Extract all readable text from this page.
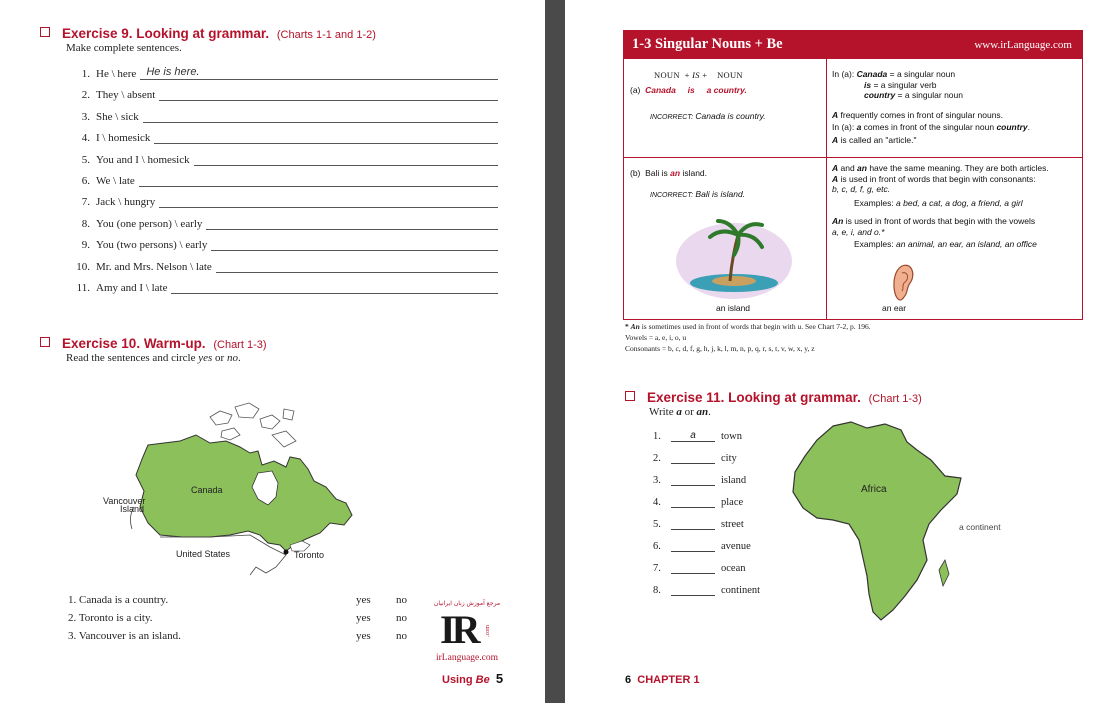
Exercise 9. Looking at grammar. (Charts 1-1 and 1-2)
Make complete sentences.
1. He \ here He is here.
2. They \ absent
3. She \ sick
4. I \ homesick
5. You and I \ homesick
6. We \ late
7. Jack \ hungry
8. You (one person) \ early
9. You (two persons) \ early
10. Mr. and Mrs. Nelson \ late
11. Amy and I \ late
Exercise 10. Warm-up. (Chart 1-3)
Read the sentences and circle yes or no.
Canada
Vancouver
Island
United States	Toronto
1. Canada is a country.	yes no
2. Toronto is a city.	yes no
3. Vancouver is an island.	yes no
مرجع آموزش زبان ایرانیان
IR .com
irLanguage.com
Using Be 5
1-3 Singular Nouns + Be	www.irLanguage.com
NOUN + IS + NOUN
(a) Canada is a country.
INCORRECT: Canada is country.
In (a): Canada = a singular noun
is = a singular verb
country = a singular noun
A frequently comes in front of singular nouns.
In (a): a comes in front of the singular noun country.
A is called an "article."
(b) Bali is an island.
INCORRECT: Bali is island.
an island
A and an have the same meaning. They are both articles.
A is used in front of words that begin with consonants:
b, c, d, f, g, etc.
Examples: a bed, a cat, a dog, a friend, a girl
An is used in front of words that begin with the vowels
a, e, i, and o.*
Examples: an animal, an ear, an island, an office
an ear
* An is sometimes used in front of words that begin with u. See Chart 7-2, p. 196.
Vowels = a, e, i, o, u
Consonants = b, c, d, f, g, h, j, k, l, m, n, p, q, r, s, t, v, w, x, y, z
Exercise 11. Looking at grammar. (Chart 1-3)
Write a or an.
1.	a	town
2.	city
3.	island
4.	place
5.	street
6.	avenue
7.	ocean
8.	continent
Africa
a continent
6 CHAPTER 1
